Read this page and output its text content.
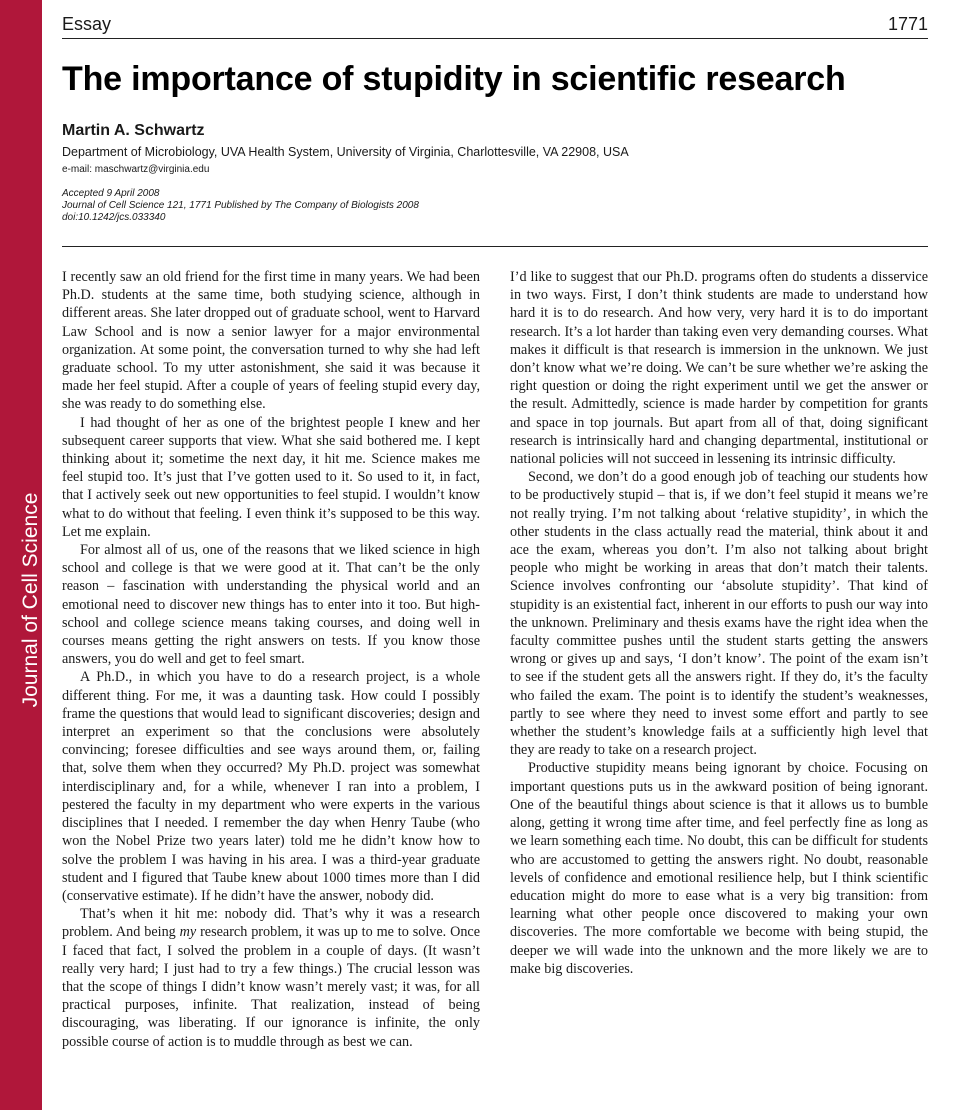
Journal of Cell Science
Essay	1771
The importance of stupidity in scientific research
Martin A. Schwartz
Department of Microbiology, UVA Health System, University of Virginia, Charlottesville, VA 22908, USA
e-mail: maschwartz@virginia.edu
Accepted 9 April 2008
Journal of Cell Science 121, 1771 Published by The Company of Biologists 2008
doi:10.1242/jcs.033340

I recently saw an old friend for the first time in many years. We had been Ph.D. students at the same time, both studying science, although in different areas. She later dropped out of graduate school, went to Harvard Law School and is now a senior lawyer for a major environmental organization. At some point, the conversation turned to why she had left graduate school. To my utter astonishment, she said it was because it made her feel stupid. After a couple of years of feeling stupid every day, she was ready to do something else.

I had thought of her as one of the brightest people I knew and her subsequent career supports that view. What she said bothered me. I kept thinking about it; sometime the next day, it hit me. Science makes me feel stupid too. It’s just that I’ve gotten used to it. So used to it, in fact, that I actively seek out new opportunities to feel stupid. I wouldn’t know what to do without that feeling. I even think it’s supposed to be this way. Let me explain.

For almost all of us, one of the reasons that we liked science in high school and college is that we were good at it. That can’t be the only reason – fascination with understanding the physical world and an emotional need to discover new things has to enter into it too. But high-school and college science means taking courses, and doing well in courses means getting the right answers on tests. If you know those answers, you do well and get to feel smart.

A Ph.D., in which you have to do a research project, is a whole different thing. For me, it was a daunting task. How could I possibly frame the questions that would lead to significant discoveries; design and interpret an experiment so that the conclusions were absolutely convincing; foresee difficulties and see ways around them, or, failing that, solve them when they occurred? My Ph.D. project was somewhat interdisciplinary and, for a while, whenever I ran into a problem, I pestered the faculty in my department who were experts in the various disciplines that I needed. I remember the day when Henry Taube (who won the Nobel Prize two years later) told me he didn’t know how to solve the problem I was having in his area. I was a third-year graduate student and I figured that Taube knew about 1000 times more than I did (conservative estimate). If he didn’t have the answer, nobody did.

That’s when it hit me: nobody did. That’s why it was a research problem. And being my research problem, it was up to me to solve. Once I faced that fact, I solved the problem in a couple of days. (It wasn’t really very hard; I just had to try a few things.) The crucial lesson was that the scope of things I didn’t know wasn’t merely vast; it was, for all practical purposes, infinite. That realization, instead of being discouraging, was liberating. If our ignorance is infinite, the only possible course of action is to muddle through as best we can.

I’d like to suggest that our Ph.D. programs often do students a disservice in two ways. First, I don’t think students are made to understand how hard it is to do research. And how very, very hard it is to do important research. It’s a lot harder than taking even very demanding courses. What makes it difficult is that research is immersion in the unknown. We just don’t know what we’re doing. We can’t be sure whether we’re asking the right question or doing the right experiment until we get the answer or the result. Admittedly, science is made harder by competition for grants and space in top journals. But apart from all of that, doing significant research is intrinsically hard and changing departmental, institutional or national policies will not succeed in lessening its intrinsic difficulty.

Second, we don’t do a good enough job of teaching our students how to be productively stupid – that is, if we don’t feel stupid it means we’re not really trying. I’m not talking about ‘relative stupidity’, in which the other students in the class actually read the material, think about it and ace the exam, whereas you don’t. I’m also not talking about bright people who might be working in areas that don’t match their talents. Science involves confronting our ‘absolute stupidity’. That kind of stupidity is an existential fact, inherent in our efforts to push our way into the unknown. Preliminary and thesis exams have the right idea when the faculty committee pushes until the student starts getting the answers wrong or gives up and says, ‘I don’t know’. The point of the exam isn’t to see if the student gets all the answers right. If they do, it’s the faculty who failed the exam. The point is to identify the student’s weaknesses, partly to see where they need to invest some effort and partly to see whether the student’s knowledge fails at a sufficiently high level that they are ready to take on a research project.

Productive stupidity means being ignorant by choice. Focusing on important questions puts us in the awkward position of being ignorant. One of the beautiful things about science is that it allows us to bumble along, getting it wrong time after time, and feel perfectly fine as long as we learn something each time. No doubt, this can be difficult for students who are accustomed to getting the answers right. No doubt, reasonable levels of confidence and emotional resilience help, but I think scientific education might do more to ease what is a very big transition: from learning what other people once discovered to making your own discoveries. The more comfortable we become with being stupid, the deeper we will wade into the unknown and the more likely we are to make big discoveries.
